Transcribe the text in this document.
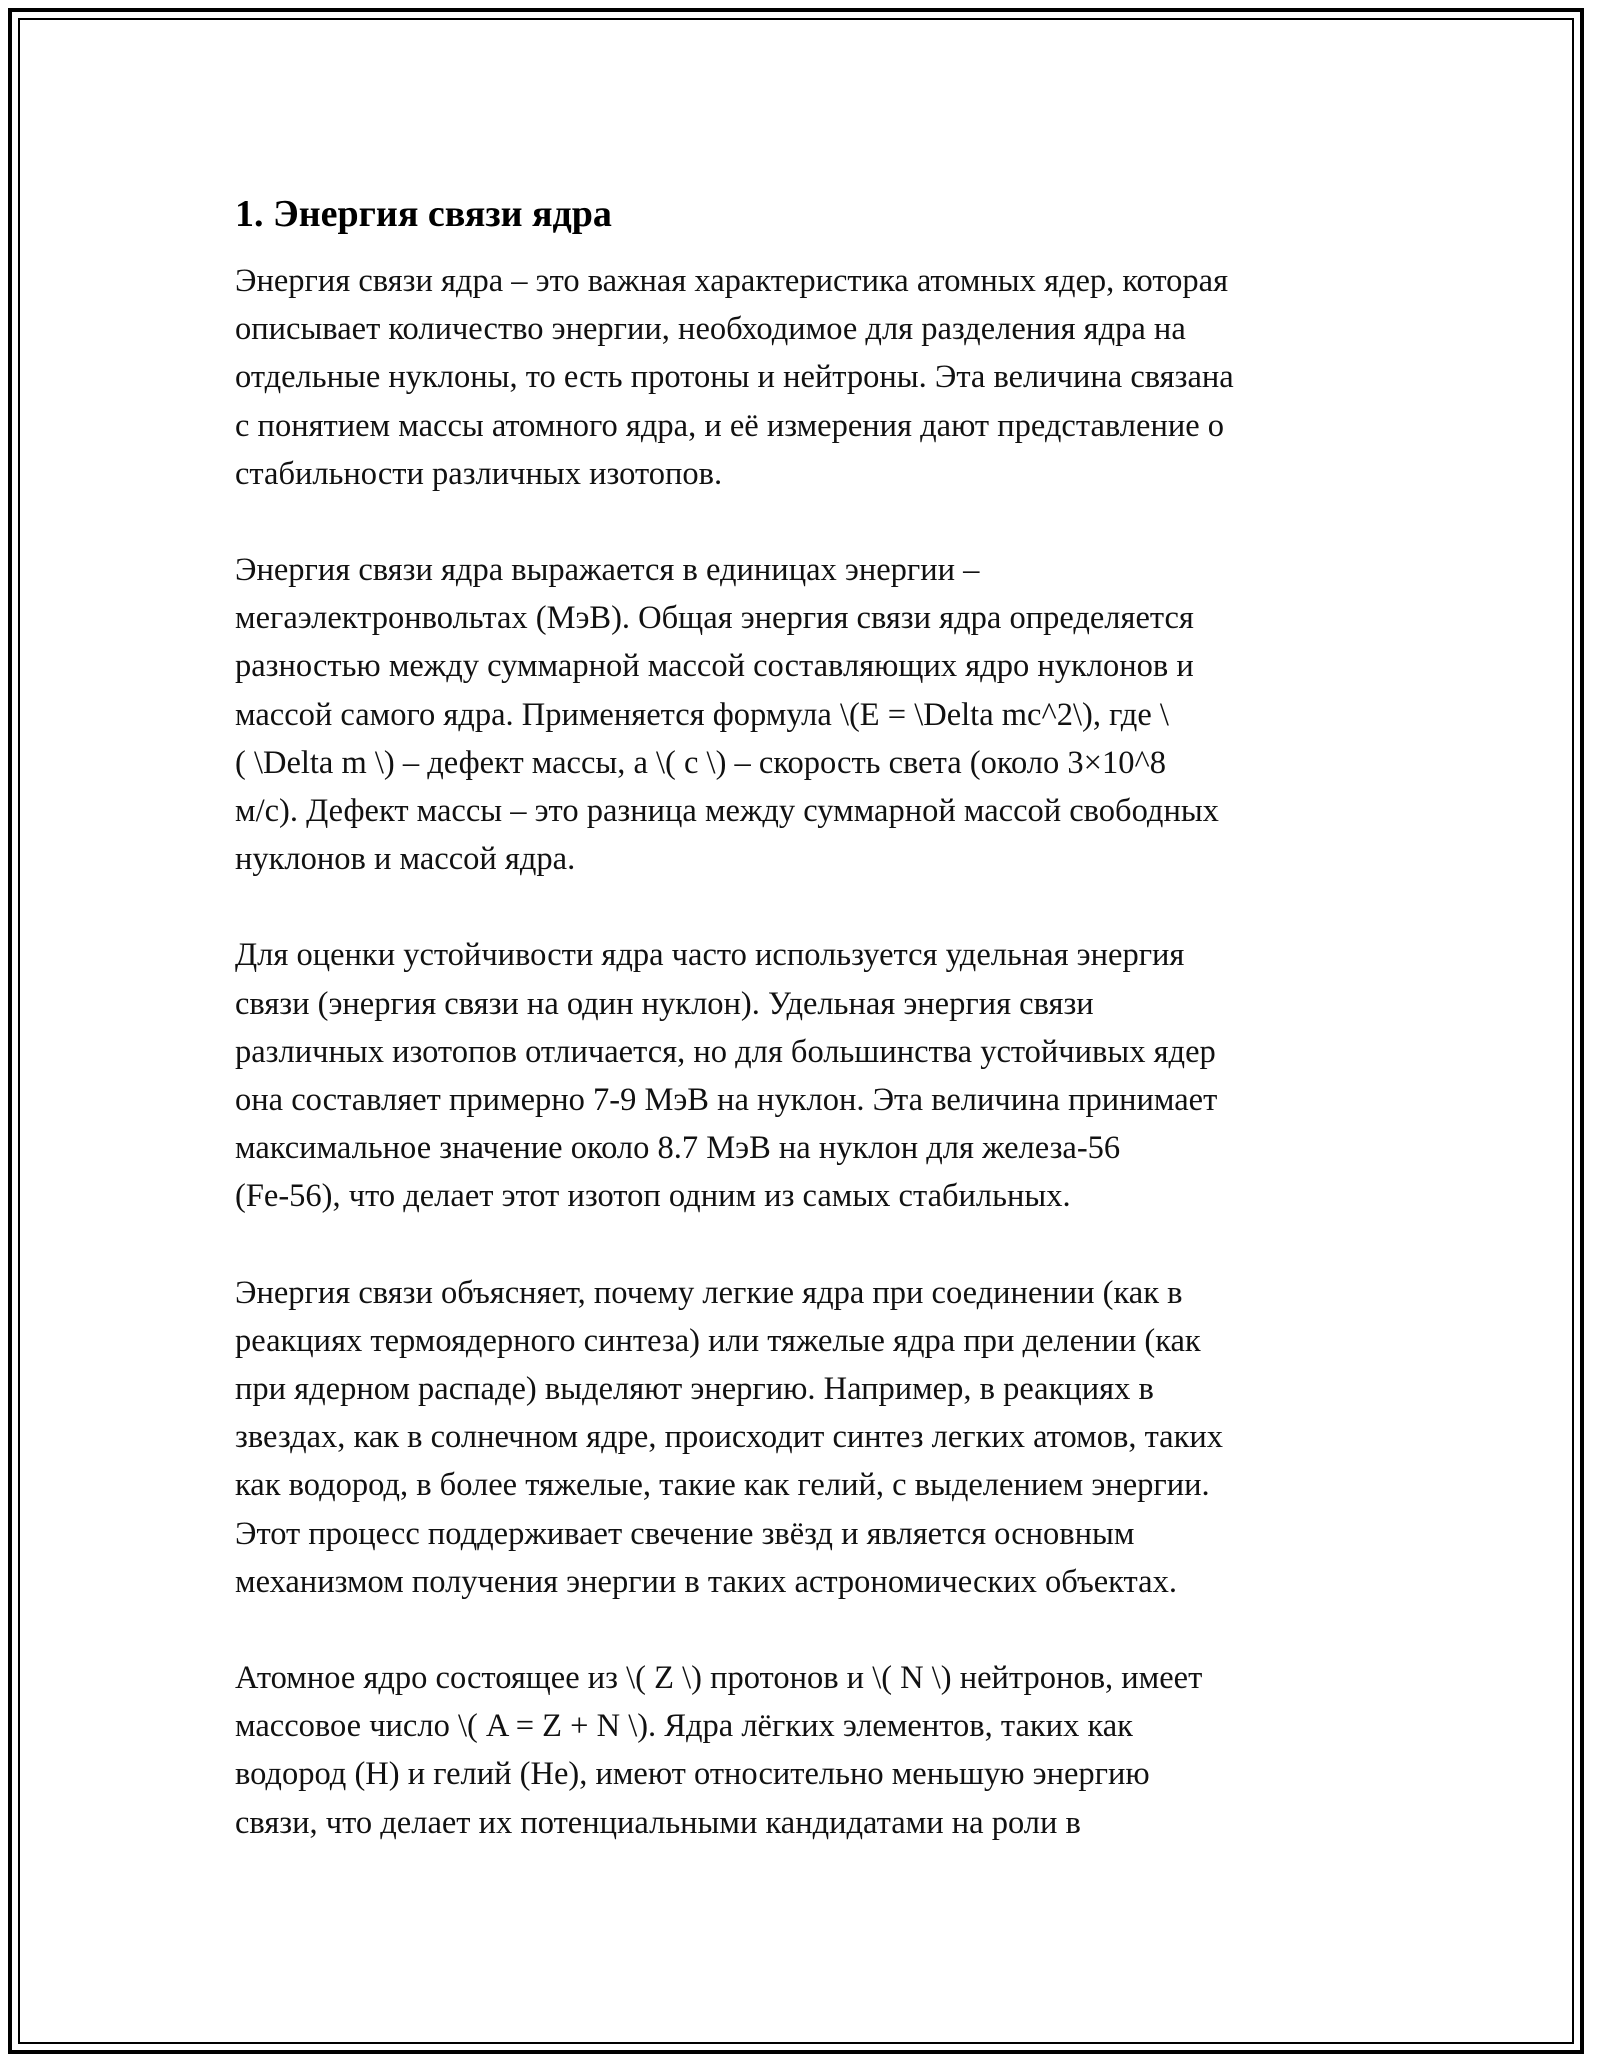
1. Энергия связи ядра

Энергия связи ядра – это важная характеристика атомных ядер, которая
описывает количество энергии, необходимое для разделения ядра на
отдельные нуклоны, то есть протоны и нейтроны. Эта величина связана
с понятием массы атомного ядра, и её измерения дают представление о
стабильности различных изотопов.

Энергия связи ядра выражается в единицах энергии –
мегаэлектронвольтах (МэВ). Общая энергия связи ядра определяется
разностью между суммарной массой составляющих ядро нуклонов и
массой самого ядра. Применяется формула \(E = \Delta mc^2\), где \
( \Delta m \) – дефект массы, а \( c \) – скорость света (около 3×10^8
м/с). Дефект массы – это разница между суммарной массой свободных
нуклонов и массой ядра.

Для оценки устойчивости ядра часто используется удельная энергия
связи (энергия связи на один нуклон). Удельная энергия связи
различных изотопов отличается, но для большинства устойчивых ядер
она составляет примерно 7-9 МэВ на нуклон. Эта величина принимает
максимальное значение около 8.7 МэВ на нуклон для железа-56
(Fe-56), что делает этот изотоп одним из самых стабильных.

Энергия связи объясняет, почему легкие ядра при соединении (как в
реакциях термоядерного синтеза) или тяжелые ядра при делении (как
при ядерном распаде) выделяют энергию. Например, в реакциях в
звездах, как в солнечном ядре, происходит синтез легких атомов, таких
как водород, в более тяжелые, такие как гелий, с выделением энергии.
Этот процесс поддерживает свечение звёзд и является основным
механизмом получения энергии в таких астрономических объектах.

Атомное ядро состоящее из \( Z \) протонов и \( N \) нейтронов, имеет
массовое число \( A = Z + N \). Ядра лёгких элементов, таких как
водород (H) и гелий (He), имеют относительно меньшую энергию
связи, что делает их потенциальными кандидатами на роли в
